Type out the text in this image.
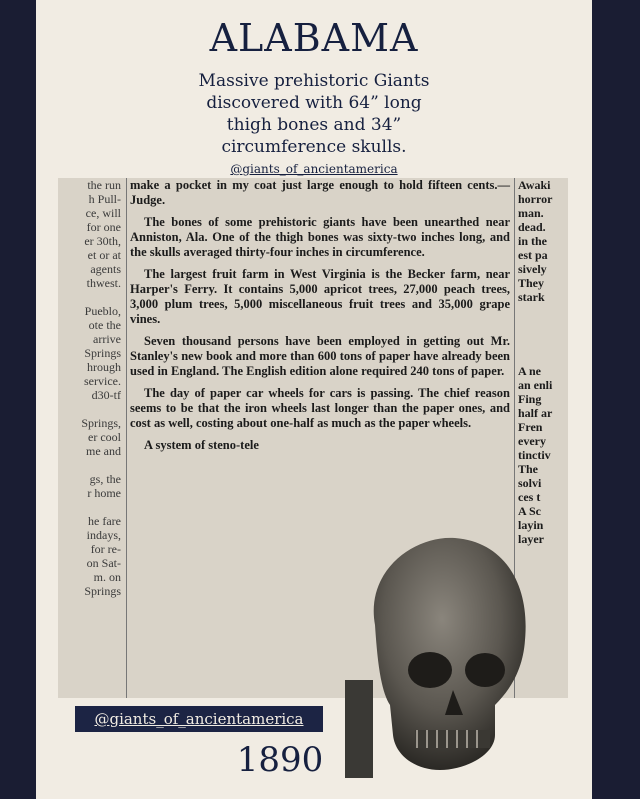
ALABAMA
Massive prehistoric Giants
discovered with 64” long
thigh bones and 34”
circumference skulls.
@giants_of_ancientamerica
the run
h Pull-
ce, will
for one
er 30th,
et or at
agents
thwest.
Pueblo,
ote the
arrive
Springs
hrough
service.
d30-tf
Springs,
er cool
me and
gs, the
r home
he fare
indays,
for re-
on Sat-
m. on
Springs

make a pocket in my coat just large enough to hold fifteen cents.—Judge.

The bones of some prehistoric giants have been unearthed near Anniston, Ala. One of the thigh bones was sixty-two inches long, and the skulls averaged thirty-four inches in circumference.

The largest fruit farm in West Virginia is the Becker farm, near Harper's Ferry. It contains 5,000 apricot trees, 27,000 peach trees, 3,000 plum trees, 5,000 miscellaneous fruit trees and 35,000 grape vines.

Seven thousand persons have been employed in getting out Mr. Stanley's new book and more than 600 tons of paper have already been used in England. The English edition alone required 240 tons of paper.

The day of paper car wheels for cars is passing. The chief reason seems to be that the iron wheels last longer than the paper ones, and cost as well, costing about one-half as much as the paper wheels.

A system of steno-tele

Awaki
horror
man.
dead.
in the
est pa
sively
They
stark
A ne
an enli
Fing
half ar
Fren
every
tinctiv
The
solvi
ces t
A Sc
layin
layer
@giants_of_ancientamerica
1890
